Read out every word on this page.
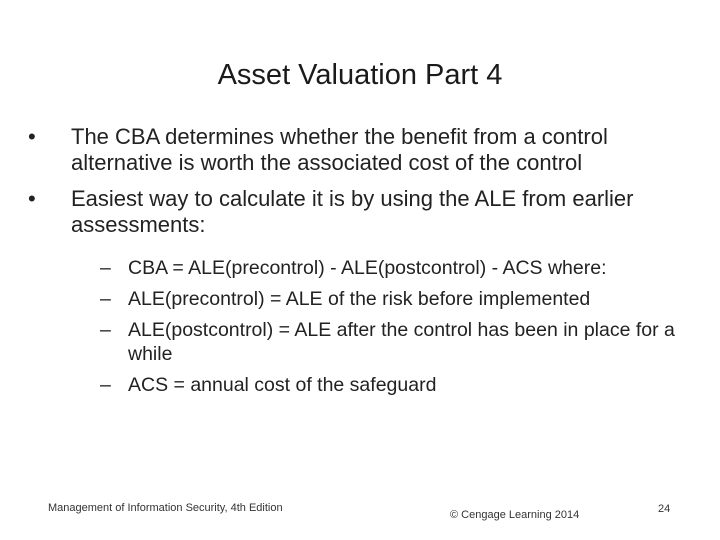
Asset Valuation Part 4
•	The CBA determines whether the benefit from a control alternative is worth the associated cost of the control
•	Easiest way to calculate it is by using the ALE from earlier assessments:
– CBA = ALE(precontrol) - ALE(postcontrol) - ACS where:
– ALE(precontrol) = ALE of the risk before implemented
– ALE(postcontrol) = ALE after the control has been in place for a while
– ACS = annual cost of the safeguard
Management of Information Security, 4th Edition
© Cengage Learning 2014	24
